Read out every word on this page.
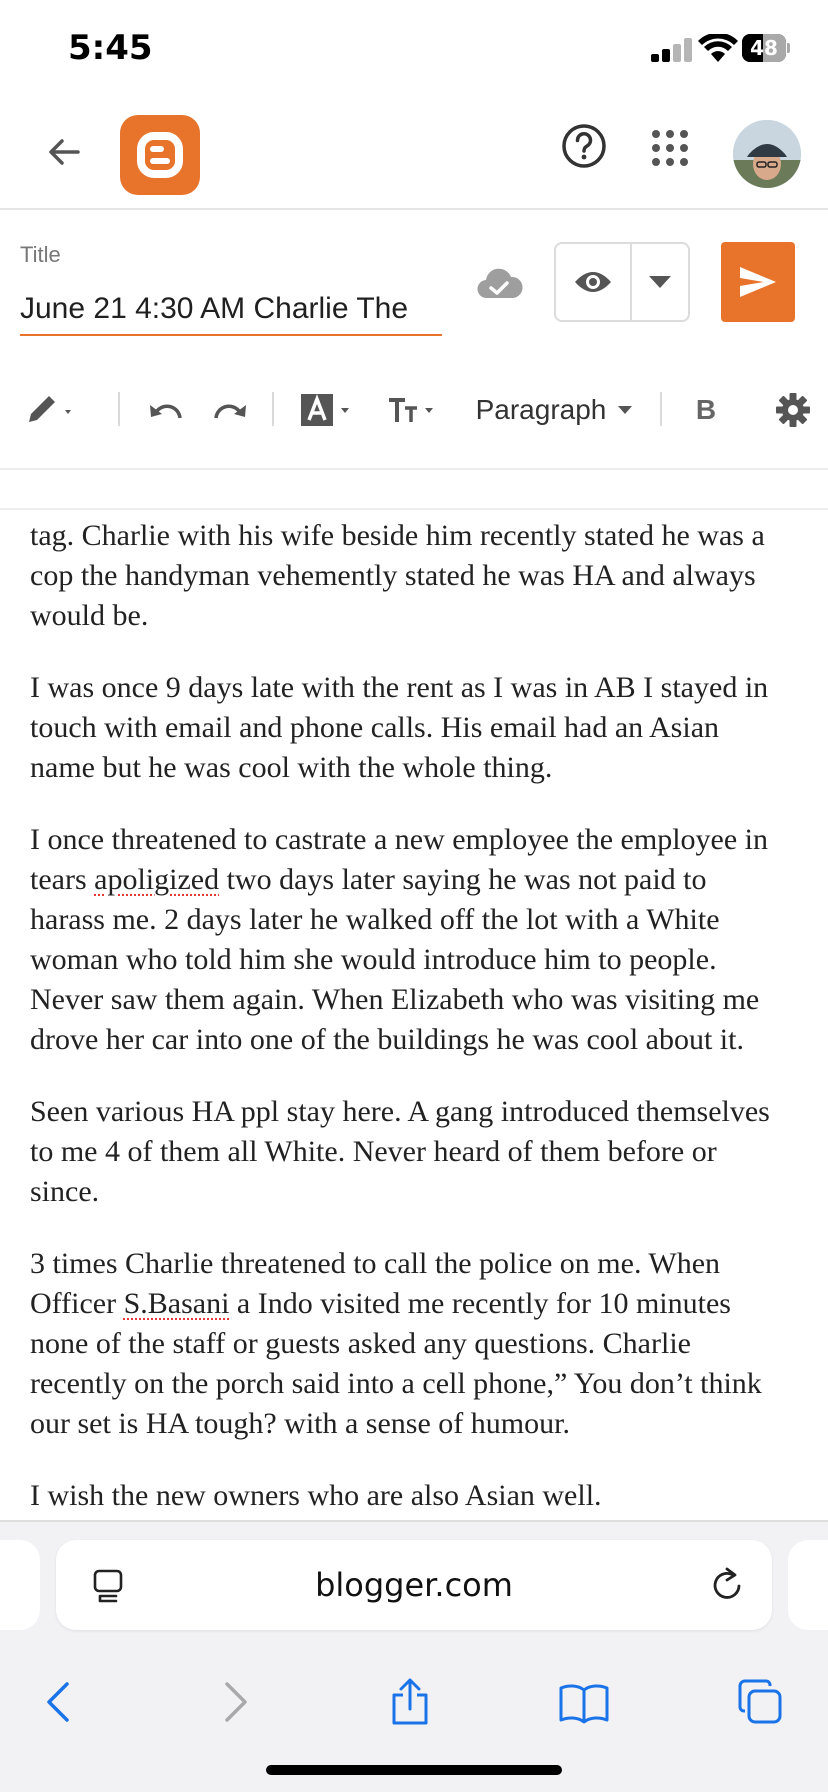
5:45	48
Title
June 21 4:30 AM Charlie The
Paragraph	B

tag. Charlie with his wife beside him recently stated he was a
cop the handyman vehemently stated he was HA and always
would be.

I was once 9 days late with the rent as I was in AB I stayed in
touch with email and phone calls. His email had an Asian
name but he was cool with the whole thing.

I once threatened to castrate a new employee the employee in
tears apoligized two days later saying he was not paid to
harass me. 2 days later he walked off the lot with a White
woman who told him she would introduce him to people.
Never saw them again. When Elizabeth who was visiting me
drove her car into one of the buildings he was cool about it.

Seen various HA ppl stay here. A gang introduced themselves
to me 4 of them all White. Never heard of them before or
since.

3 times Charlie threatened to call the police on me. When
Officer S.Basani a Indo visited me recently for 10 minutes
none of the staff or guests asked any questions. Charlie
recently on the porch said into a cell phone,” You don’t think
our set is HA tough? with a sense of humour.

I wish the new owners who are also Asian well.

blogger.com
